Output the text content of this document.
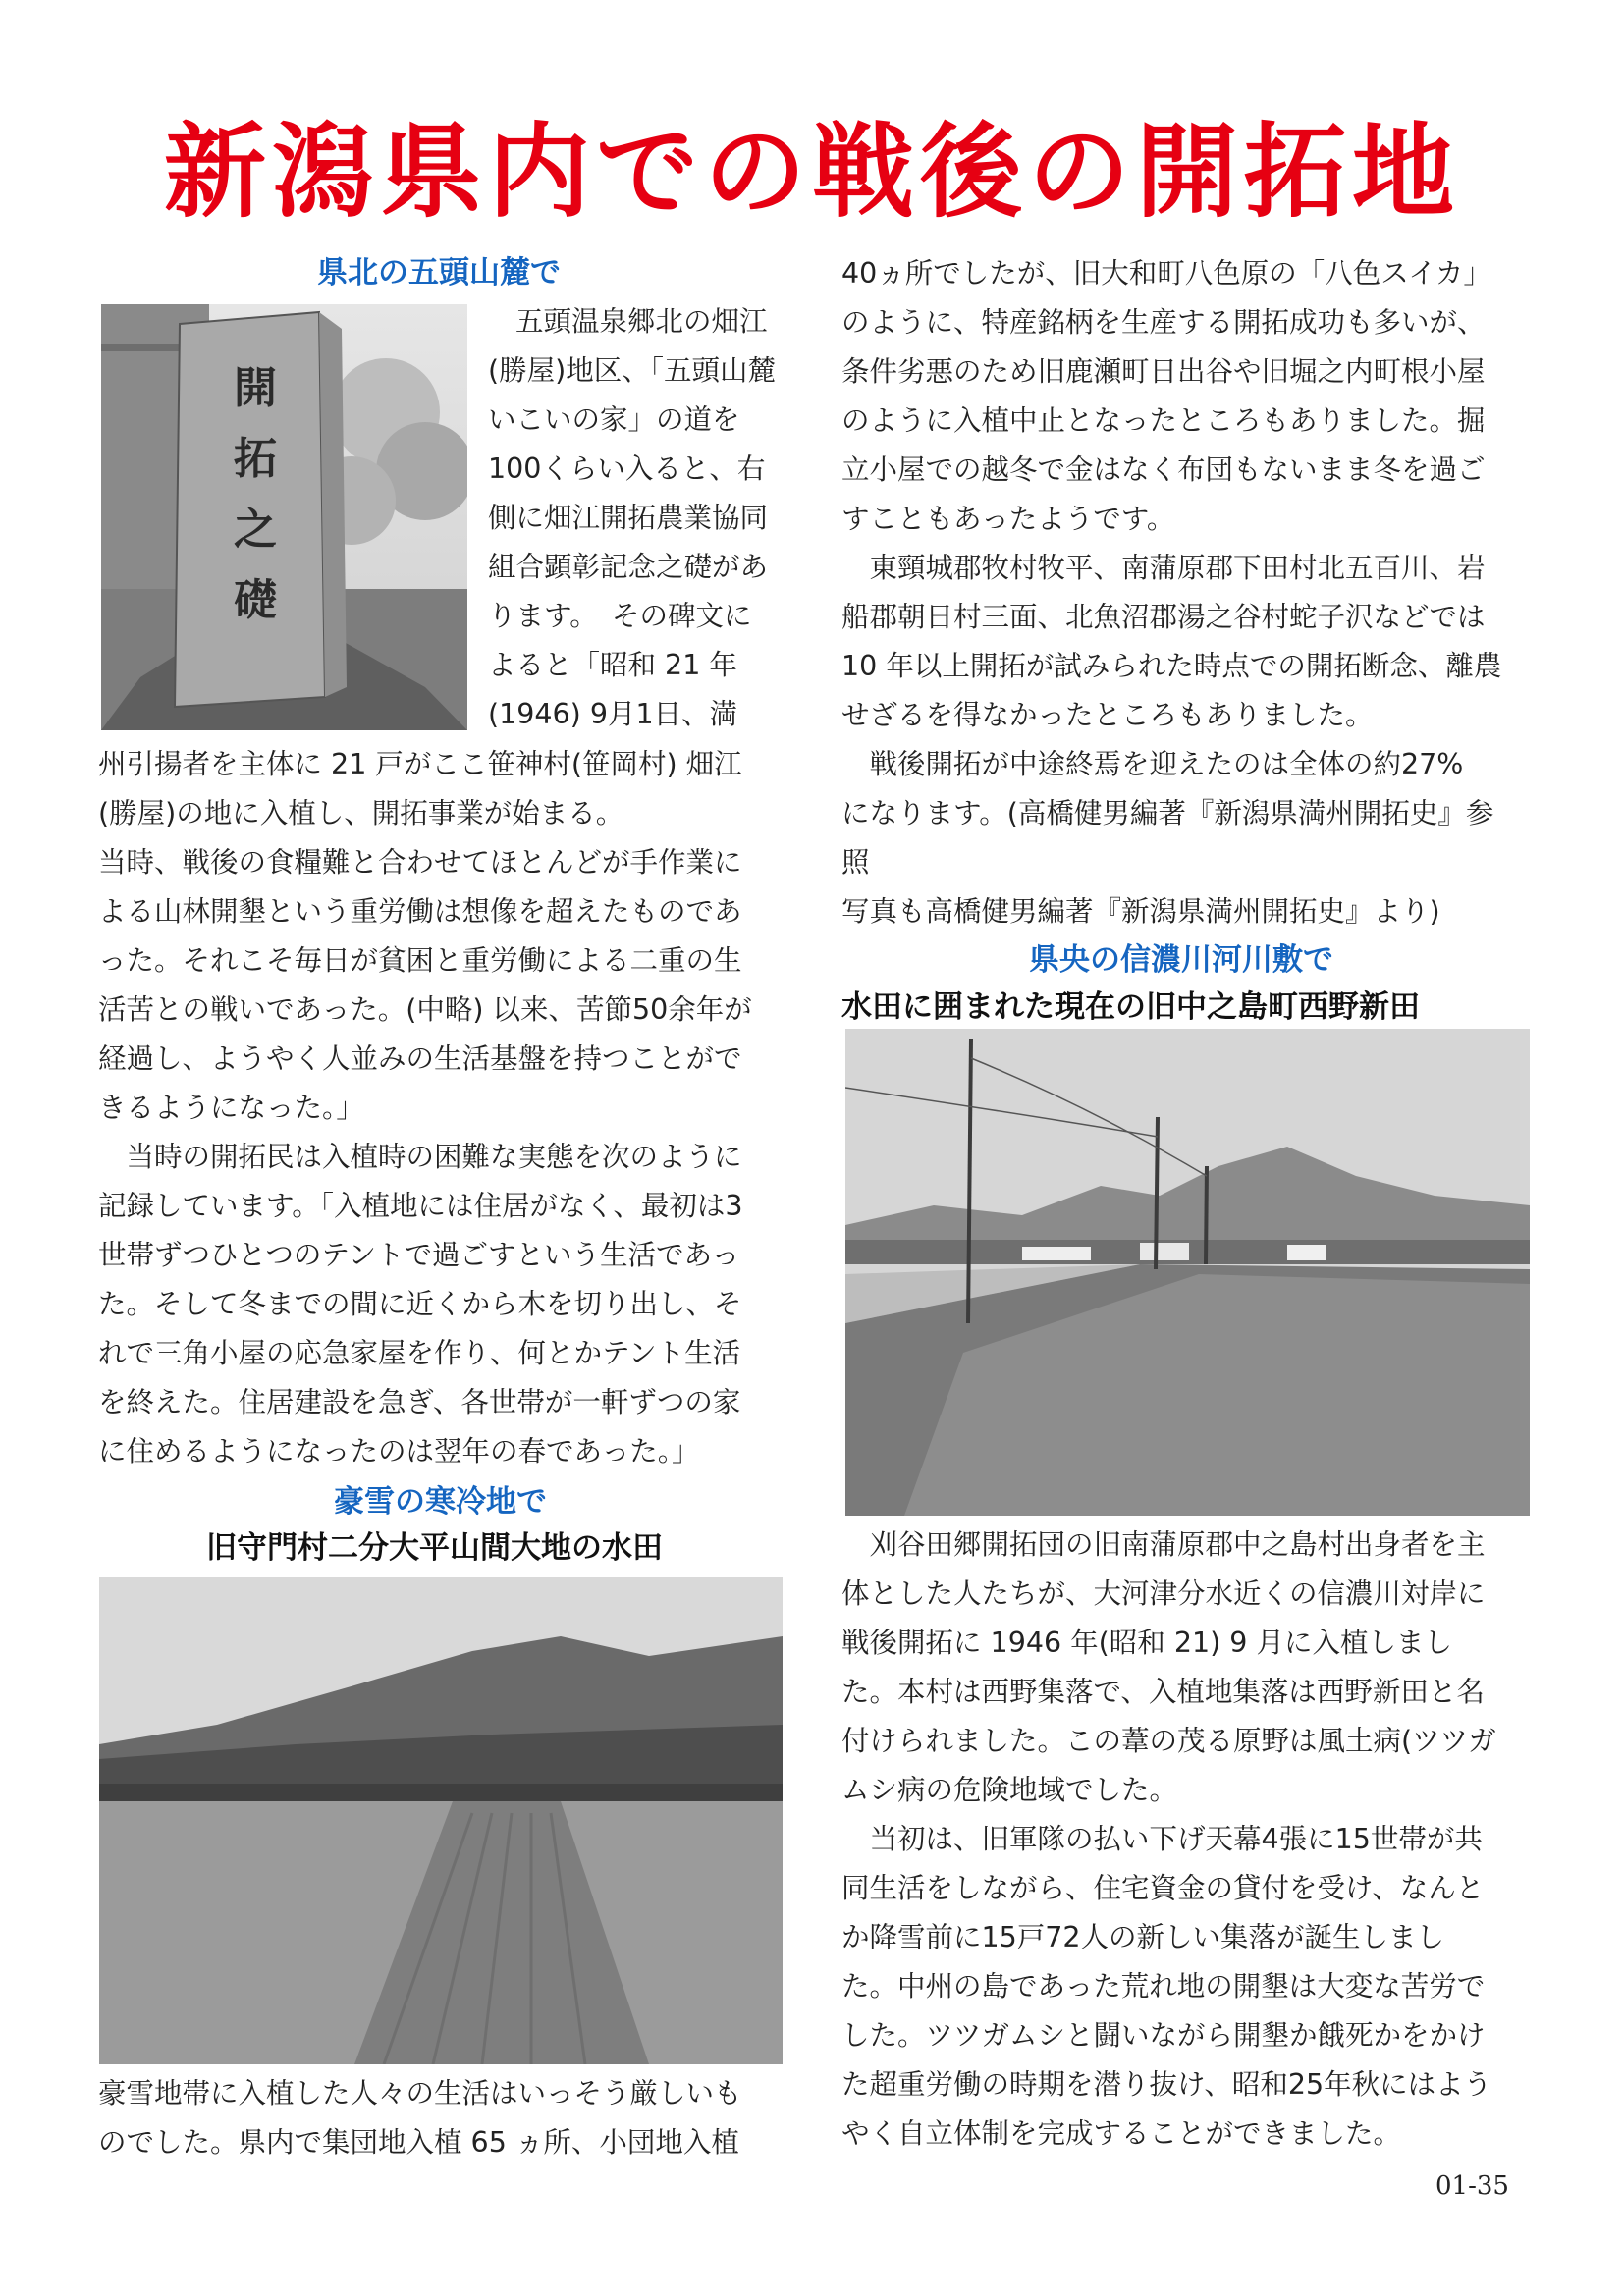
新潟県内での戦後の開拓地
県北の五頭山麓で
開
拓
之
礎

五頭温泉郷北の畑江

(勝屋)地区、「五頭山麓

いこいの家」の道を

100くらい入ると、右

側に畑江開拓農業協同

組合顕彰記念之礎があ

ります。　その碑文に

よると「昭和 21 年

(1946) 9月1日、満

州引揚者を主体に 21 戸がここ笹神村(笹岡村) 畑江

(勝屋)の地に入植し、開拓事業が始まる。

当時、戦後の食糧難と合わせてほとんどが手作業に

よる山林開墾という重労働は想像を超えたものであ

った。それこそ毎日が貧困と重労働による二重の生

活苦との戦いであった。(中略) 以来、苦節50余年が

経過し、ようやく人並みの生活基盤を持つことがで

きるようになった。」

　当時の開拓民は入植時の困難な実態を次のように

記録しています。「入植地には住居がなく、最初は3

世帯ずつひとつのテントで過ごすという生活であっ

た。そして冬までの間に近くから木を切り出し、そ

れで三角小屋の応急家屋を作り、何とかテント生活

を終えた。住居建設を急ぎ、各世帯が一軒ずつの家

に住めるようになったのは翌年の春であった。」

豪雪の寒冷地で
旧守門村二分大平山間大地の水田

豪雪地帯に入植した人々の生活はいっそう厳しいも

のでした。県内で集団地入植 65 ヵ所、小団地入植

40ヵ所でしたが、旧大和町八色原の「八色スイカ」

のように、特産銘柄を生産する開拓成功も多いが、

条件劣悪のため旧鹿瀬町日出谷や旧堀之内町根小屋

のように入植中止となったところもありました。掘

立小屋での越冬で金はなく布団もないまま冬を過ご

すこともあったようです。

　東頸城郡牧村牧平、南蒲原郡下田村北五百川、岩

船郡朝日村三面、北魚沼郡湯之谷村蛇子沢などでは

10 年以上開拓が試みられた時点での開拓断念、離農

せざるを得なかったところもありました。

　戦後開拓が中途終焉を迎えたのは全体の約27%

になります。(高橋健男編著『新潟県満州開拓史』参

照

写真も高橋健男編著『新潟県満州開拓史』より)

県央の信濃川河川敷で
水田に囲まれた現在の旧中之島町西野新田

　刈谷田郷開拓団の旧南蒲原郡中之島村出身者を主

体とした人たちが、大河津分水近くの信濃川対岸に

戦後開拓に 1946 年(昭和 21) 9 月に入植しまし

た。本村は西野集落で、入植地集落は西野新田と名

付けられました。この葦の茂る原野は風土病(ツツガ

ムシ病の危険地域でした。

　当初は、旧軍隊の払い下げ天幕4張に15世帯が共

同生活をしながら、住宅資金の貸付を受け、なんと

か降雪前に15戸72人の新しい集落が誕生しまし

た。中州の島であった荒れ地の開墾は大変な苦労で

した。ツツガムシと闘いながら開墾か餓死かをかけ

た超重労働の時期を潜り抜け、昭和25年秋にはよう

やく自立体制を完成することができました。

01-35
